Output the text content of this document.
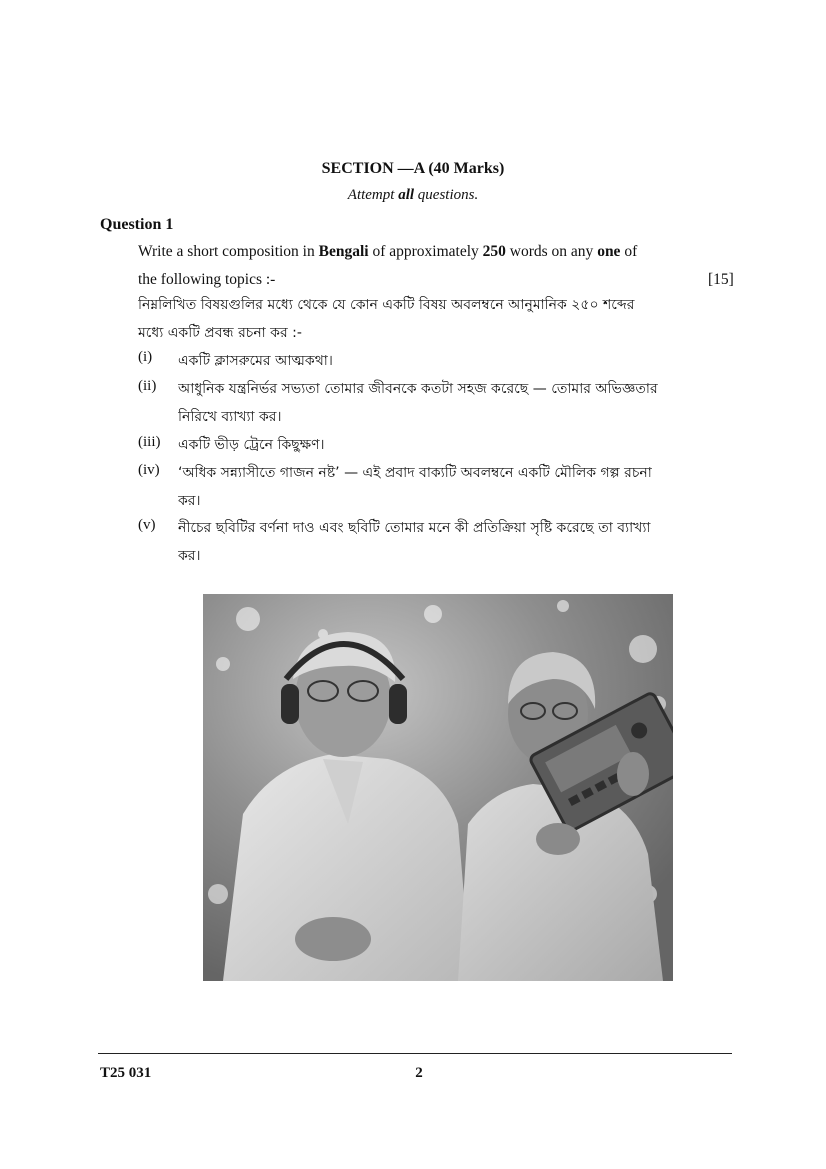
SECTION —A (40 Marks)
Attempt all questions.
Question 1
Write a short composition in Bengali of approximately 250 words on any one of
the following topics :-	[15]
নিম্নলিখিত বিষয়গুলির মধ্যে থেকে যে কোন একটি বিষয় অবলম্বনে আনুমানিক ২৫০ শব্দের
মধ্যে একটি প্রবন্ধ রচনা কর :-
(i) একটি ক্লাসরুমের আত্মকথা।
(ii) আধুনিক যন্ত্রনির্ভর সভ্যতা তোমার জীবনকে কতটা সহজ করেছে — তোমার অভিজ্ঞতার
নিরিখে ব্যাখ্যা কর।
(iii) একটি ভীড় ট্রেনে কিছুক্ষণ।
(iv) ‘অধিক সন্ন্যাসীতে গাজন নষ্ট’ — এই প্রবাদ বাক্যটি অবলম্বনে একটি মৌলিক গল্প রচনা
কর।
(v) নীচের ছবিটির বর্ণনা দাও এবং ছবিটি তোমার মনে কী প্রতিক্রিয়া সৃষ্টি করেছে তা ব্যাখ্যা
কর।
T25 031	2
